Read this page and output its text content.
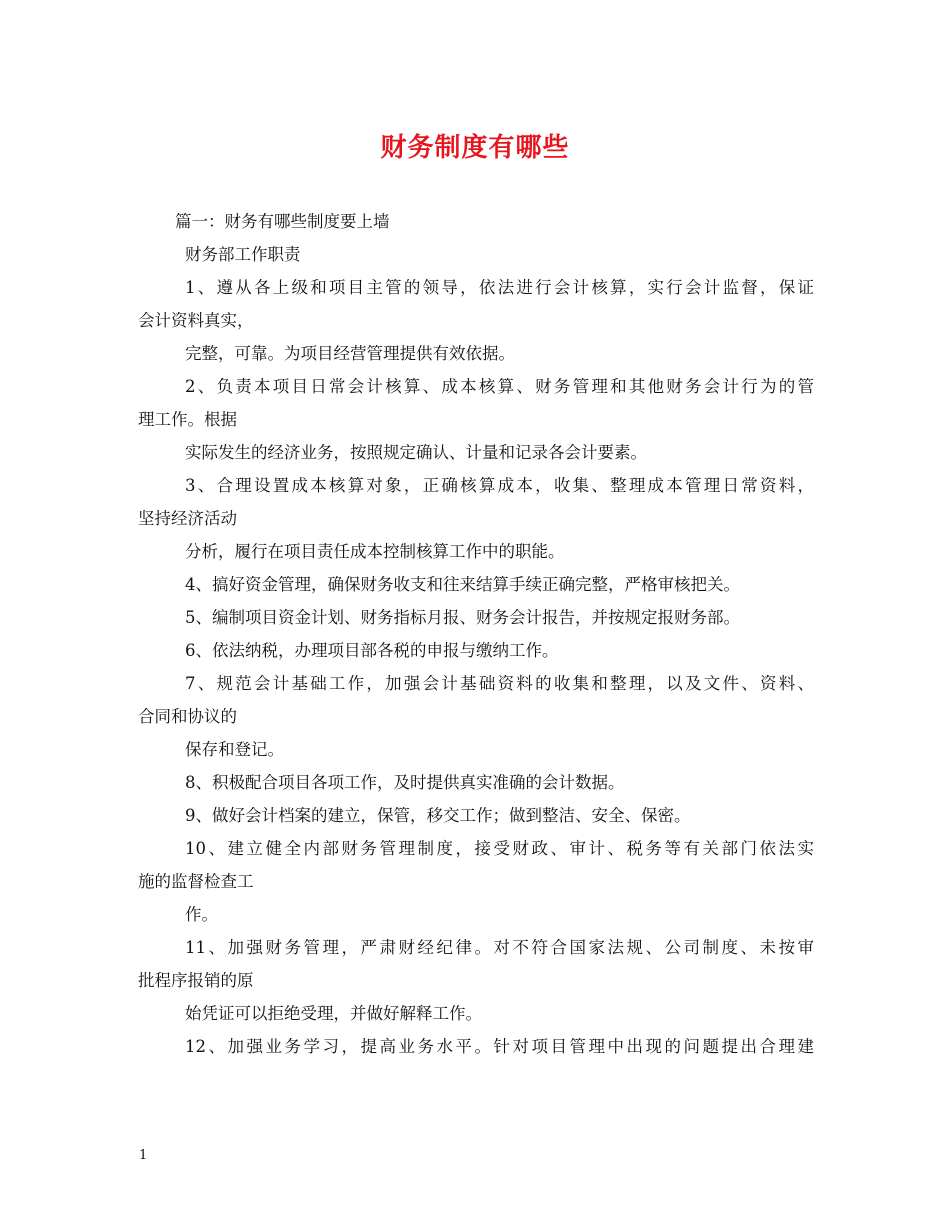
财务制度有哪些
篇一：财务有哪些制度要上墙
财务部工作职责
1、遵从各上级和项目主管的领导，依法进行会计核算，实行会计监督，保证
会计资料真实，
完整，可靠。为项目经营管理提供有效依据。
2、负责本项目日常会计核算、成本核算、财务管理和其他财务会计行为的管
理工作。根据
实际发生的经济业务，按照规定确认、计量和记录各会计要素。
3、合理设置成本核算对象，正确核算成本，收集、整理成本管理日常资料，
坚持经济活动
分析，履行在项目责任成本控制核算工作中的职能。
4、搞好资金管理，确保财务收支和往来结算手续正确完整，严格审核把关。
5、编制项目资金计划、财务指标月报、财务会计报告，并按规定报财务部。
6、依法纳税，办理项目部各税的申报与缴纳工作。
7、规范会计基础工作，加强会计基础资料的收集和整理，以及文件、资料、
合同和协议的
保存和登记。
8、积极配合项目各项工作，及时提供真实准确的会计数据。
9、做好会计档案的建立，保管，移交工作；做到整洁、安全、保密。
10、建立健全内部财务管理制度，接受财政、审计、税务等有关部门依法实
施的监督检查工
作。
11、加强财务管理，严肃财经纪律。对不符合国家法规、公司制度、未按审
批程序报销的原
始凭证可以拒绝受理，并做好解释工作。
12、加强业务学习，提高业务水平。针对项目管理中出现的问题提出合理建
1
